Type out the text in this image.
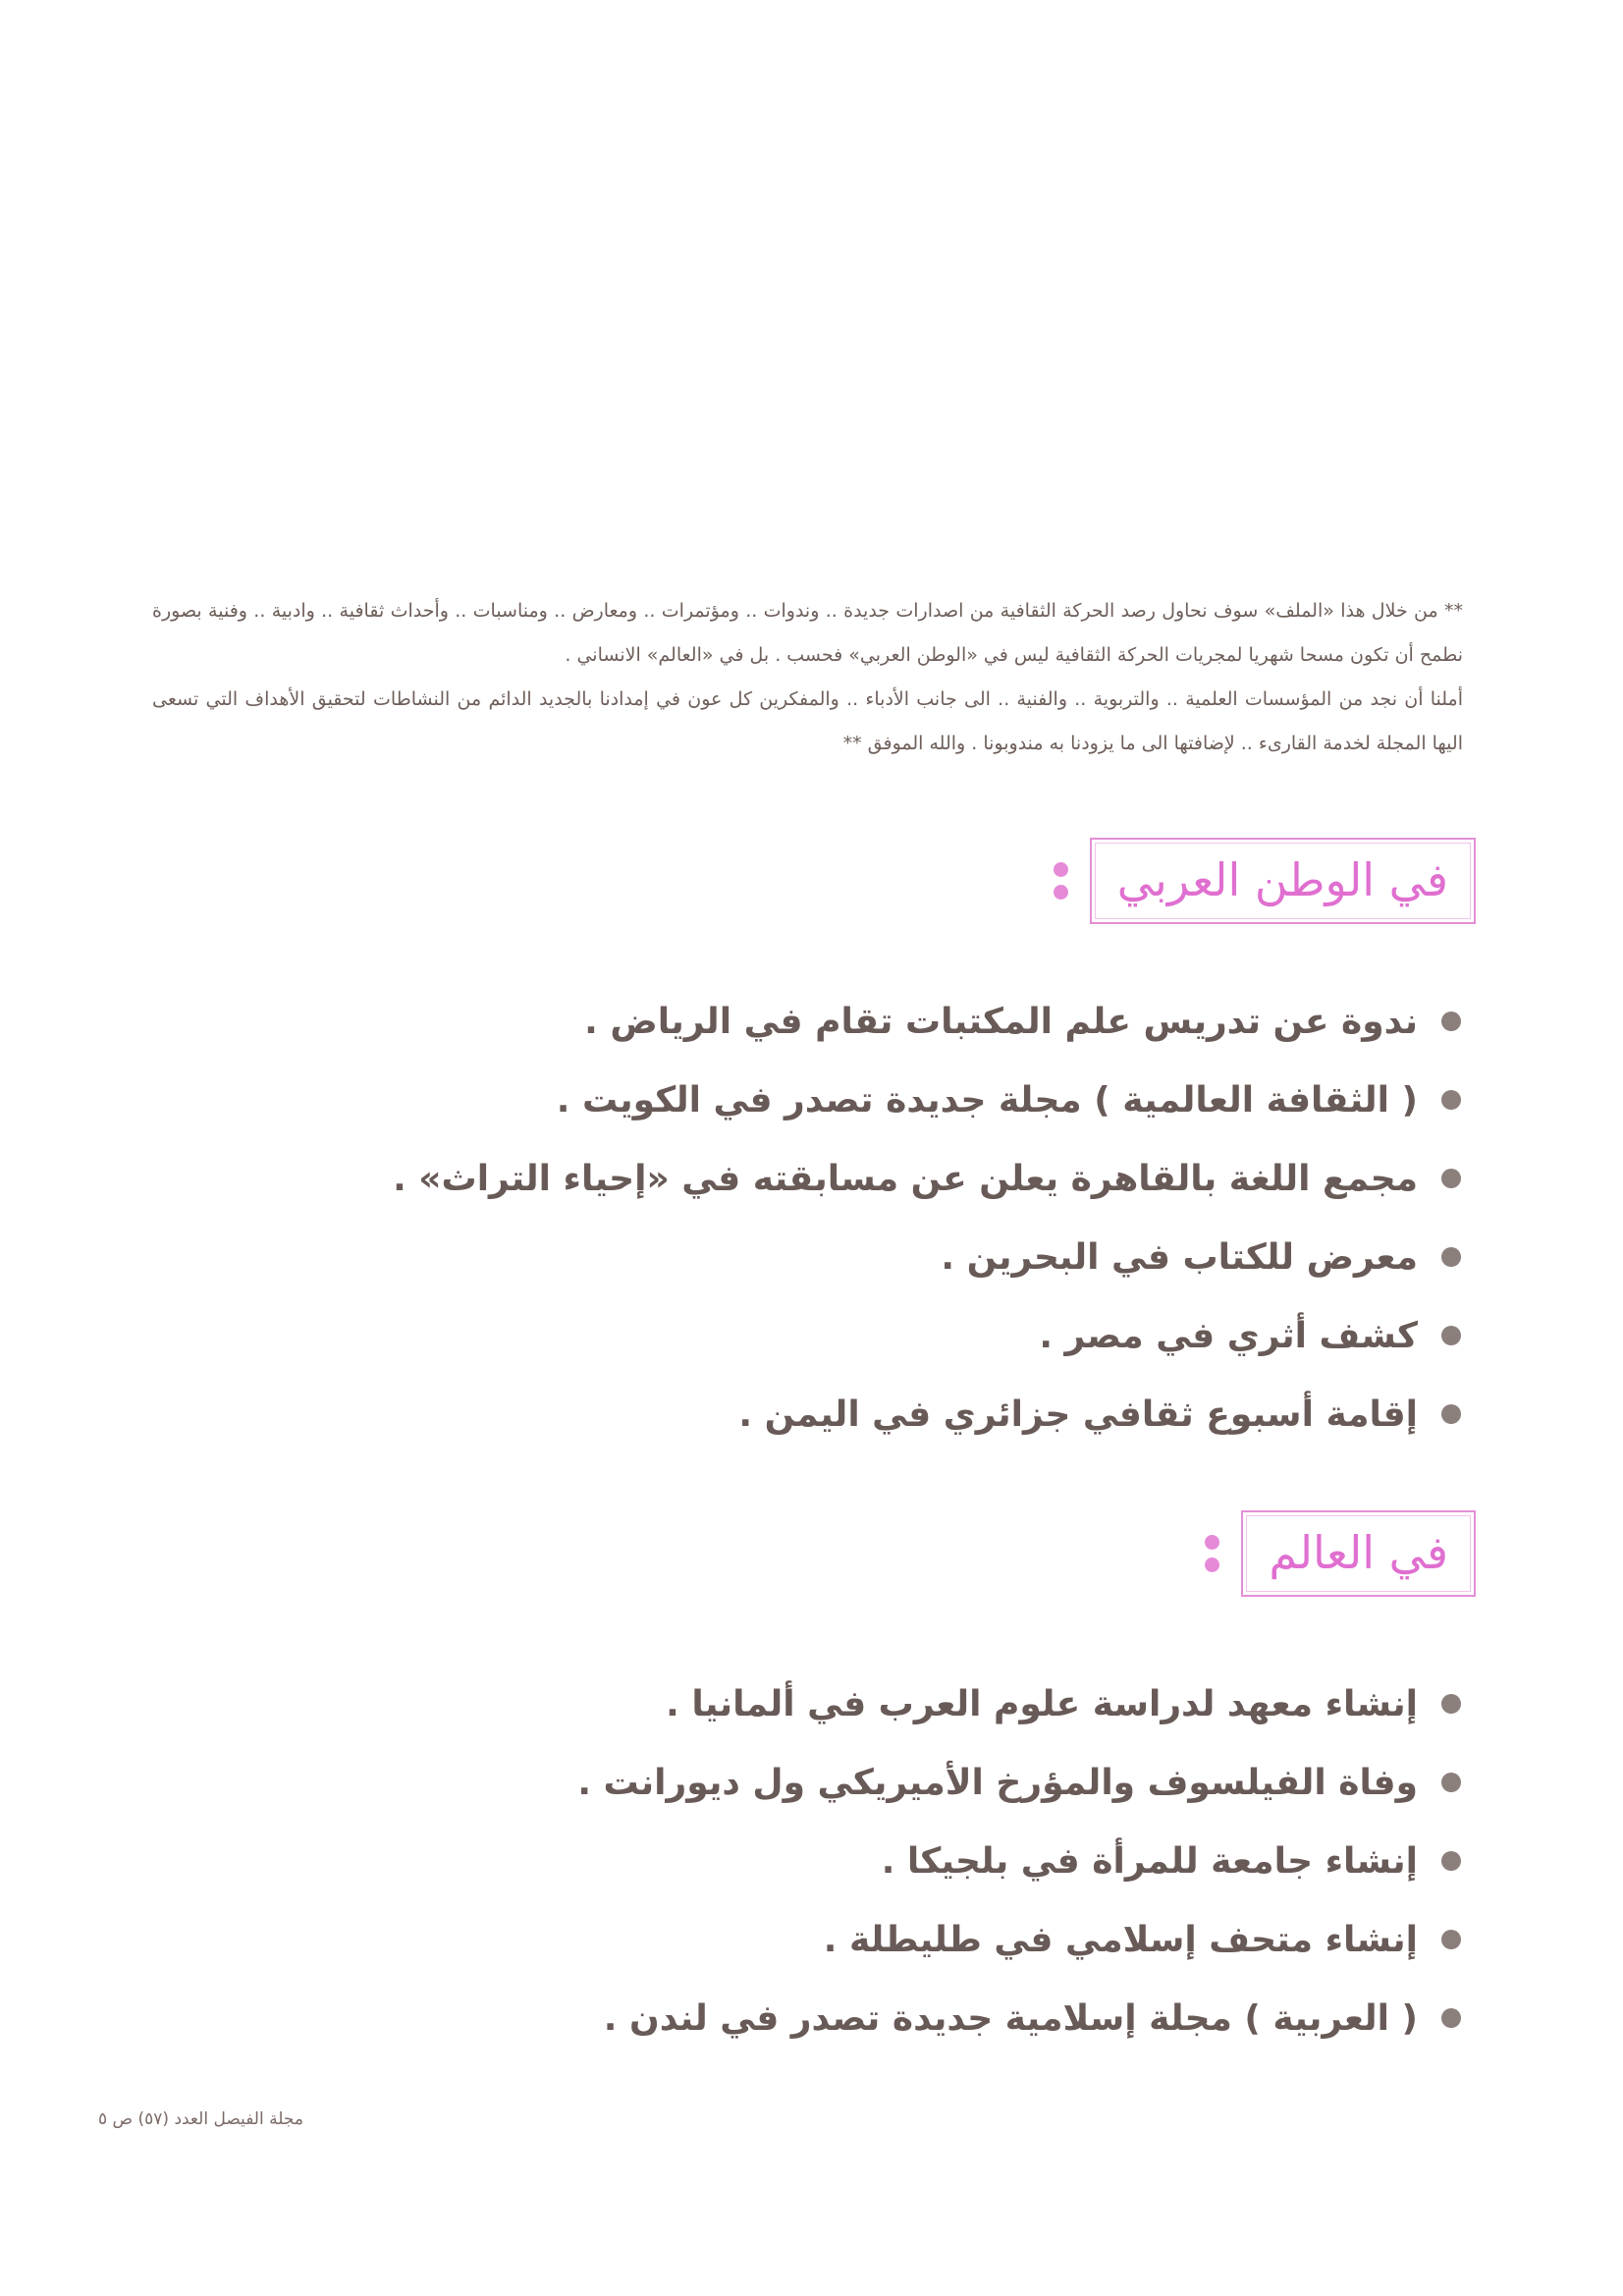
** من خلال هذا «الملف» سوف نحاول رصد الحركة الثقافية من اصدارات جديدة .. وندوات .. ومؤتمرات .. ومعارض .. ومناسبات .. وأحداث ثقافية .. وادبية .. وفنية بصورة نطمح أن تكون مسحا شهريا لمجريات الحركة الثقافية ليس في «الوطن العربي» فحسب . بل في «العالم» الانساني .

أملنا أن نجد من المؤسسات العلمية .. والتربوية .. والفنية .. الى جانب الأدباء .. والمفكرين كل عون في إمدادنا بالجديد الدائم من النشاطات لتحقيق الأهداف التي تسعى اليها المجلة لخدمة القارىء .. لإضافتها الى ما يزودنا به مندوبونا . والله الموفق **

في الوطن العربي
ندوة عن تدريس علم المكتبات تقام في الرياض .
( الثقافة العالمية ) مجلة جديدة تصدر في الكويت .
مجمع اللغة بالقاهرة يعلن عن مسابقته في «إحياء التراث» .
معرض للكتاب في البحرين .
كشف أثري في مصر .
إقامة أسبوع ثقافي جزائري في اليمن .
في العالم
إنشاء معهد لدراسة علوم العرب في ألمانيا .
وفاة الفيلسوف والمؤرخ الأميريكي ول ديورانت .
إنشاء جامعة للمرأة في بلجيكا .
إنشاء متحف إسلامي في طليطلة .
( العربية ) مجلة إسلامية جديدة تصدر في لندن .
مجلة الفيصل العدد (٥٧) ص ٥
